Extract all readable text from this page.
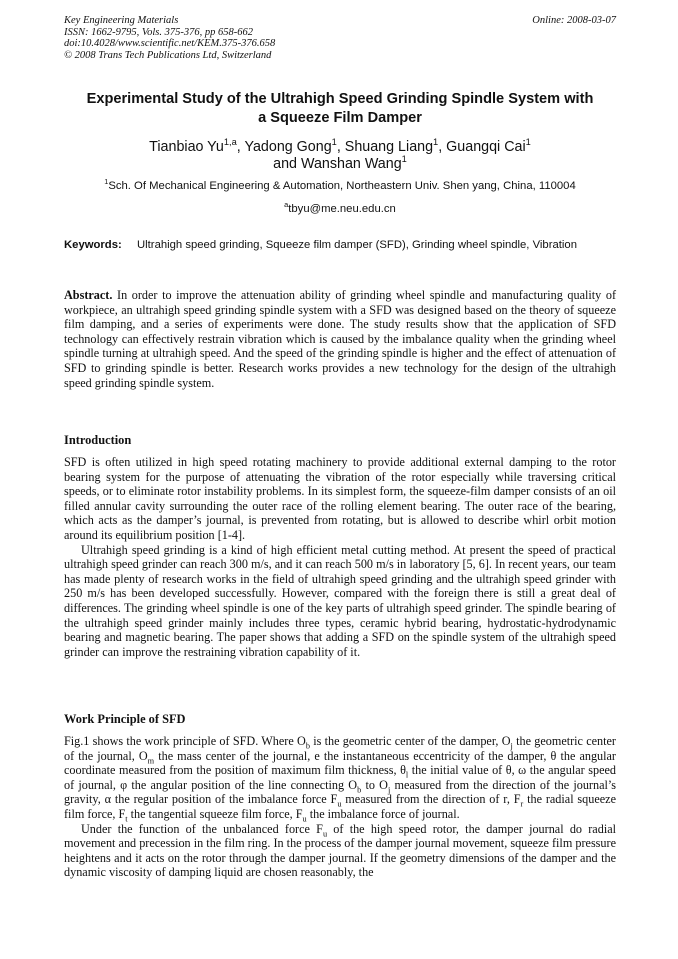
Key Engineering Materials	Online: 2008-03-07
ISSN: 1662-9795, Vols. 375-376, pp 658-662
doi:10.4028/www.scientific.net/KEM.375-376.658
© 2008 Trans Tech Publications Ltd, Switzerland
Experimental Study of the Ultrahigh Speed Grinding Spindle System with
a Squeeze Film Damper
Tianbiao Yu$^{1,a}$, Yadong Gong$^1$, Shuang Liang$^1$, Guangqi Cai$^1$
and Wanshan Wang$^1$
$^1$Sch. Of Mechanical Engineering & Automation, Northeastern Univ. Shen yang, China, 110004
$^a$tbyu@me.neu.edu.cn
Keywords: Ultrahigh speed grinding, Squeeze film damper (SFD), Grinding wheel spindle, Vibration

Abstract. In order to improve the attenuation ability of grinding wheel spindle and manufacturing quality of workpiece, an ultrahigh speed grinding spindle system with a SFD was designed based on the theory of squeeze film damping, and a series of experiments were done. The study results show that the application of SFD technology can effectively restrain vibration which is caused by the imbalance quality when the grinding wheel spindle turning at ultrahigh speed. And the speed of the grinding spindle is higher and the effect of attenuation of SFD to grinding spindle is better. Research works provides a new technology for the design of the ultrahigh speed grinding spindle system.

Introduction

SFD is often utilized in high speed rotating machinery to provide additional external damping to the rotor bearing system for the purpose of attenuating the vibration of the rotor especially while traversing critical speeds, or to eliminate rotor instability problems. In its simplest form, the squeeze-film damper consists of an oil filled annular cavity surrounding the outer race of the rolling element bearing. The outer race of the bearing, which acts as the damper’s journal, is prevented from rotating, but is allowed to describe whirl orbit motion around its equilibrium position [1-4].

Ultrahigh speed grinding is a kind of high efficient metal cutting method. At present the speed of practical ultrahigh speed grinder can reach 300 m/s, and it can reach 500 m/s in laboratory [5, 6]. In recent years, our team has made plenty of research works in the field of ultrahigh speed grinding and the ultrahigh speed grinder with 250 m/s has been developed successfully. However, compared with the foreign there is still a great deal of differences. The grinding wheel spindle is one of the key parts of ultrahigh speed grinder. The spindle bearing of the ultrahigh speed grinder mainly includes three types, ceramic hybrid bearing, hydrostatic-hydrodynamic bearing and magnetic bearing. The paper shows that adding a SFD on the spindle system of the ultrahigh speed grinder can improve the restraining vibration capability of it.

Work Principle of SFD

Fig.1 shows the work principle of SFD. Where $O_b$ is the geometric center of the damper, $O_j$ the geometric center of the journal, $O_m$ the mass center of the journal, e the instantaneous eccentricity of the damper, θ the angular coordinate measured from the position of maximum film thickness, $\theta_l$ the initial value of θ, ω the angular speed of journal, φ the angular position of the line connecting $O_b$ to $O_j$ measured from the direction of the journal’s gravity, α the regular position of the imbalance force $F_u$ measured from the direction of r, $F_r$ the radial squeeze film force, $F_t$ the tangential squeeze film force, $F_u$ the imbalance force of journal.

Under the function of the unbalanced force $F_u$ of the high speed rotor, the damper journal do radial movement and precession in the film ring. In the process of the damper journal movement, squeeze film pressure heightens and it acts on the rotor through the damper journal. If the geometry dimensions of the damper and the dynamic viscosity of damping liquid are chosen reasonably, the
